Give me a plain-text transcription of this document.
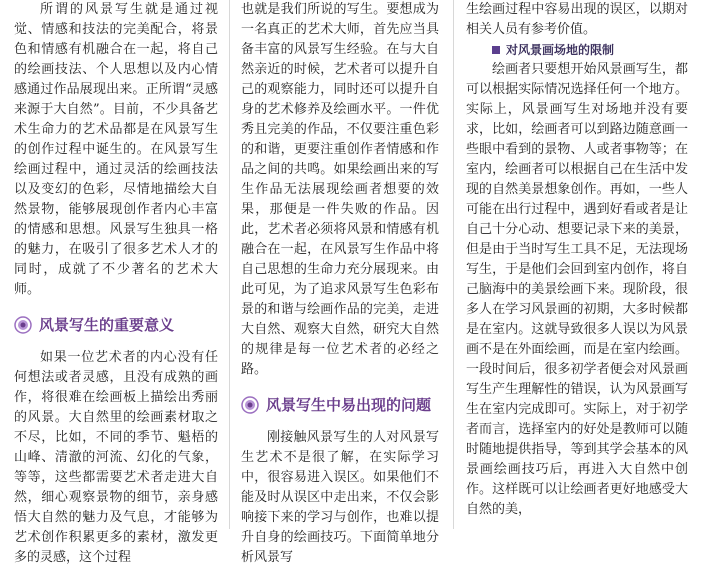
所谓的风景写生就是通过视觉、情感和技法的完美配合，将景色和情感有机融合在一起，将自己的绘画技法、个人思想以及内心情感通过作品展现出来。正所谓“灵感来源于大自然”。目前，不少具备艺术生命力的艺术品都是在风景写生的创作过程中诞生的。在风景写生绘画过程中，通过灵活的绘画技法以及变幻的色彩，尽情地描绘大自然景物，能够展现创作者内心丰富的情感和思想。风景写生独具一格的魅力，在吸引了很多艺术人才的同时，成就了不少著名的艺术大师。

风景写生的重要意义

如果一位艺术者的内心没有任何想法或者灵感，且没有成熟的画作，将很难在绘画板上描绘出秀丽的风景。大自然里的绘画素材取之不尽，比如，不同的季节、魁梧的山峰、清澈的河流、幻化的气象，等等，这些都需要艺术者走进大自然，细心观察景物的细节，亲身感悟大自然的魅力及气息，才能够为艺术创作积累更多的素材，激发更多的灵感，这个过程

也就是我们所说的写生。要想成为一名真正的艺术大师，首先应当具备丰富的风景写生经验。在与大自然亲近的时候，艺术者可以提升自己的观察能力，同时还可以提升自身的艺术修养及绘画水平。一件优秀且完美的作品，不仅要注重色彩的和谐，更要注重创作者情感和作品之间的共鸣。如果绘画出来的写生作品无法展现绘画者想要的效果，那便是一件失败的作品。因此，艺术者必须将风景和情感有机融合在一起，在风景写生作品中将自己思想的生命力充分展现来。由此可见，为了追求风景写生色彩布景的和谐与绘画作品的完美，走进大自然、观察大自然，研究大自然的规律是每一位艺术者的必经之路。

风景写生中易出现的问题

刚接触风景写生的人对风景写生艺术不是很了解，在实际学习中，很容易进入误区。如果他们不能及时从误区中走出来，不仅会影响接下来的学习与创作，也难以提升自身的绘画技巧。下面简单地分析风景写

生绘画过程中容易出现的误区，以期对相关人员有参考价值。

对风景画场地的限制

绘画者只要想开始风景画写生，都可以根据实际情况选择任何一个地方。实际上，风景画写生对场地并没有要求，比如，绘画者可以到路边随意画一些眼中看到的景物、人或者事物等；在室内，绘画者可以根据自己在生活中发现的自然美景想象创作。再如，一些人可能在出行过程中，遇到好看或者是让自己十分心动、想要记录下来的美景，但是由于当时写生工具不足，无法现场写生，于是他们会回到室内创作，将自己脑海中的美景绘画下来。现阶段，很多人在学习风景画的初期，大多时候都是在室内。这就导致很多人误以为风景画不是在外面绘画，而是在室内绘画。一段时间后，很多初学者便会对风景画写生产生理解性的错误，认为风景画写生在室内完成即可。实际上，对于初学者而言，选择室内的好处是教师可以随时随地提供指导，等到其学会基本的风景画绘画技巧后，再进入大自然中创作。这样既可以让绘画者更好地感受大自然的美，
